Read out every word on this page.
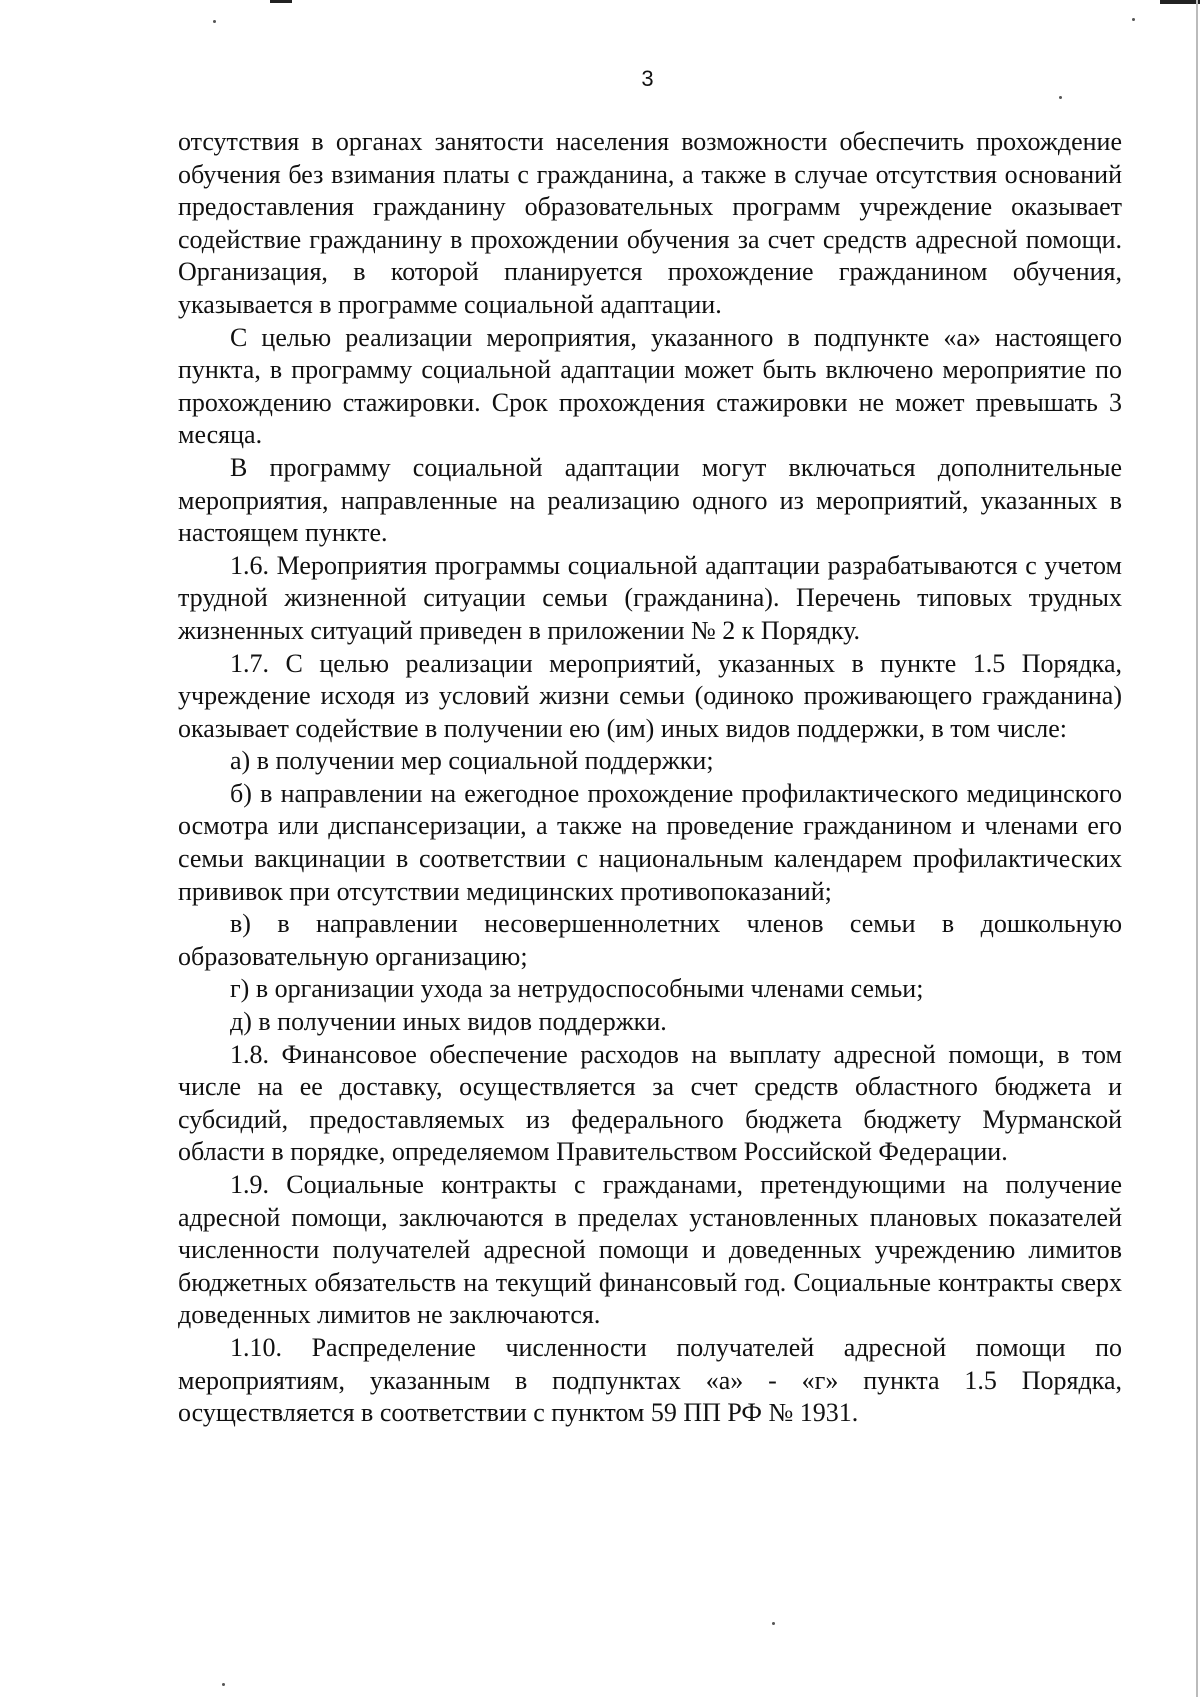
3

отсутствия в органах занятости населения возможности обеспечить прохождение обучения без взимания платы с гражданина, а также в случае отсутствия оснований предоставления гражданину образовательных программ учреждение оказывает содействие гражданину в прохождении обучения за счет средств адресной помощи. Организация, в которой планируется прохождение гражданином обучения, указывается в программе социальной адаптации.

С целью реализации мероприятия, указанного в подпункте «а» настоящего пункта, в программу социальной адаптации может быть включено мероприятие по прохождению стажировки. Срок прохождения стажировки не может превышать 3 месяца.

В программу социальной адаптации могут включаться дополнительные мероприятия, направленные на реализацию одного из мероприятий, указанных в настоящем пункте.

1.6. Мероприятия программы социальной адаптации разрабатываются с учетом трудной жизненной ситуации семьи (гражданина). Перечень типовых трудных жизненных ситуаций приведен в приложении № 2 к Порядку.

1.7. С целью реализации мероприятий, указанных в пункте 1.5 Порядка, учреждение исходя из условий жизни семьи (одиноко проживающего гражданина) оказывает содействие в получении ею (им) иных видов поддержки, в том числе:

а) в получении мер социальной поддержки;

б) в направлении на ежегодное прохождение профилактического медицинского осмотра или диспансеризации, а также на проведение гражданином и членами его семьи вакцинации в соответствии с национальным календарем профилактических прививок при отсутствии медицинских противопоказаний;

в) в направлении несовершеннолетних членов семьи в дошкольную образовательную организацию;

г) в организации ухода за нетрудоспособными членами семьи;

д) в получении иных видов поддержки.

1.8. Финансовое обеспечение расходов на выплату адресной помощи, в том числе на ее доставку, осуществляется за счет средств областного бюджета и субсидий, предоставляемых из федерального бюджета бюджету Мурманской области в порядке, определяемом Правительством Российской Федерации.

1.9. Социальные контракты с гражданами, претендующими на получение адресной помощи, заключаются в пределах установленных плановых показателей численности получателей адресной помощи и доведенных учреждению лимитов бюджетных обязательств на текущий финансовый год. Социальные контракты сверх доведенных лимитов не заключаются.

1.10. Распределение численности получателей адресной помощи по мероприятиям, указанным в подпунктах «а» - «г» пункта 1.5 Порядка, осуществляется в соответствии с пунктом 59 ПП РФ № 1931.
